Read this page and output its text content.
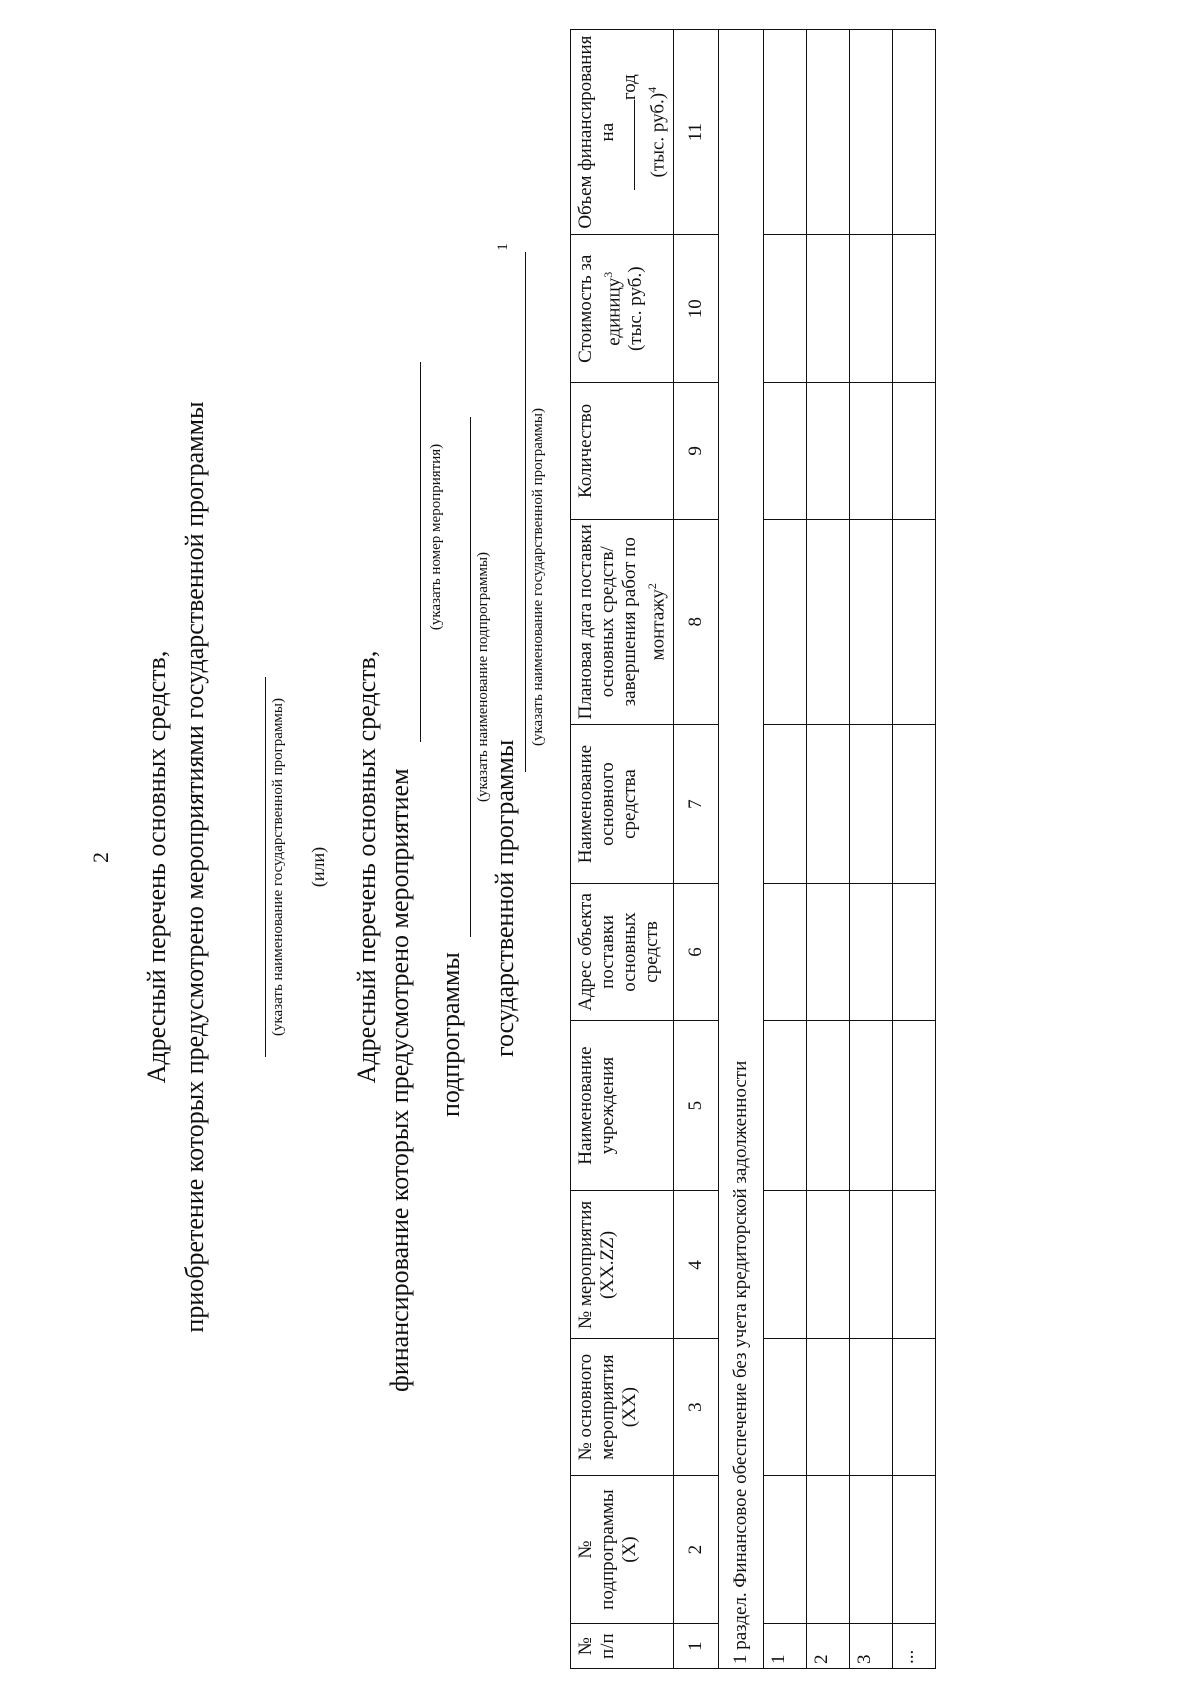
2 Адресный перечень основных средств, приобретение которых предусмотрено мероприятиями государственной программы	(указать наименование государственной программы) (или) Адресный перечень основных средств, финансирование которых предусмотрено мероприятием
(указать номер мероприятия)
подпрограммы
(указать наименование подпрограммы)
государственной программы
1
(указать наименование государственной программы)
№ п/п	№ подпрограммы (Х)	№ основного мероприятия (ХХ)	№ мероприятия (XX.ZZ)	Наименование учреждения	Адрес объекта поставки основных средств	Наименование основного средства	Плановая дата поставки основных средств/завершения работ по монтажу$^2$	Количество	Стоимость за единицу$^3$ (тыс. руб.)	Объем финансирования на
год
(тыс. руб.)$^4$
1	2	3	4	5	6	7	8	9	10	11
1 раздел. Финансовое обеспечение без учета кредиторской задолженности										
1										
2										
3										
...										
